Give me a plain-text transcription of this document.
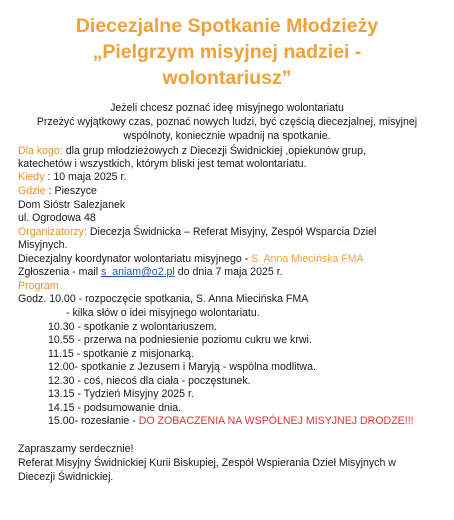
Diecezjalne Spotkanie Młodzieży
„Pielgrzym misyjnej nadziei -
wolontariusz”
Jeżeli chcesz poznać ideę misyjnego wolontariatu
Przeżyć wyjątkowy czas, poznać nowych ludzi, być częścią diecezjalnej, misyjnej
wspólnoty, koniecznie wpadnij na spotkanie.
Dla kogo: dla grup młodzieżowych z Diecezji Świdnickiej ,opiekunów grup,
katechetów i wszystkich, którym bliski jest temat wolontariatu.
Kiedy : 10 maja 2025 r.
Gdzie : Pieszyce
Dom Sióstr Salezjanek
ul. Ogrodowa 48
Organizatorzy: Diecezja Świdnicka – Referat Misyjny, Zespół Wsparcia Dziel
Misyjnych.
Diecezjalny koordynator wolontariatu misyjnego - S. Anna Miecińska FMA
Zgłoszenia - mail s_aniam@o2.pl do dnia 7 maja 2025 r.
Program
Godz. 10.00 - rozpoczęcie spotkania, S. Anna Miecińska FMA
- kilka słów o idei misyjnego wolontariatu.
10.30 - spotkanie z wolontariuszem.
10.55 - przerwa na podniesienie poziomu cukru we krwi.
11.15 - spotkanie z misjonarką.
12.00- spotkanie z Jezusem i Maryją - wspólna modlitwa.
12.30 - coś, niecoś dla ciała - poczęstunek.
13.15 - Tydzień Misyjny 2025 r.
14.15 - podsumowanie dnia.
15.00- rozesłanie - DO ZOBACZENIA NA WSPÓLNEJ MISYJNEJ DRODZE!!!
Zapraszamy serdecznie!
Referat Misyjny Świdnickiej Kurii Biskupiej, Zespół Wspierania Dzieł Misyjnych w
Diecezji Świdnickiej.
